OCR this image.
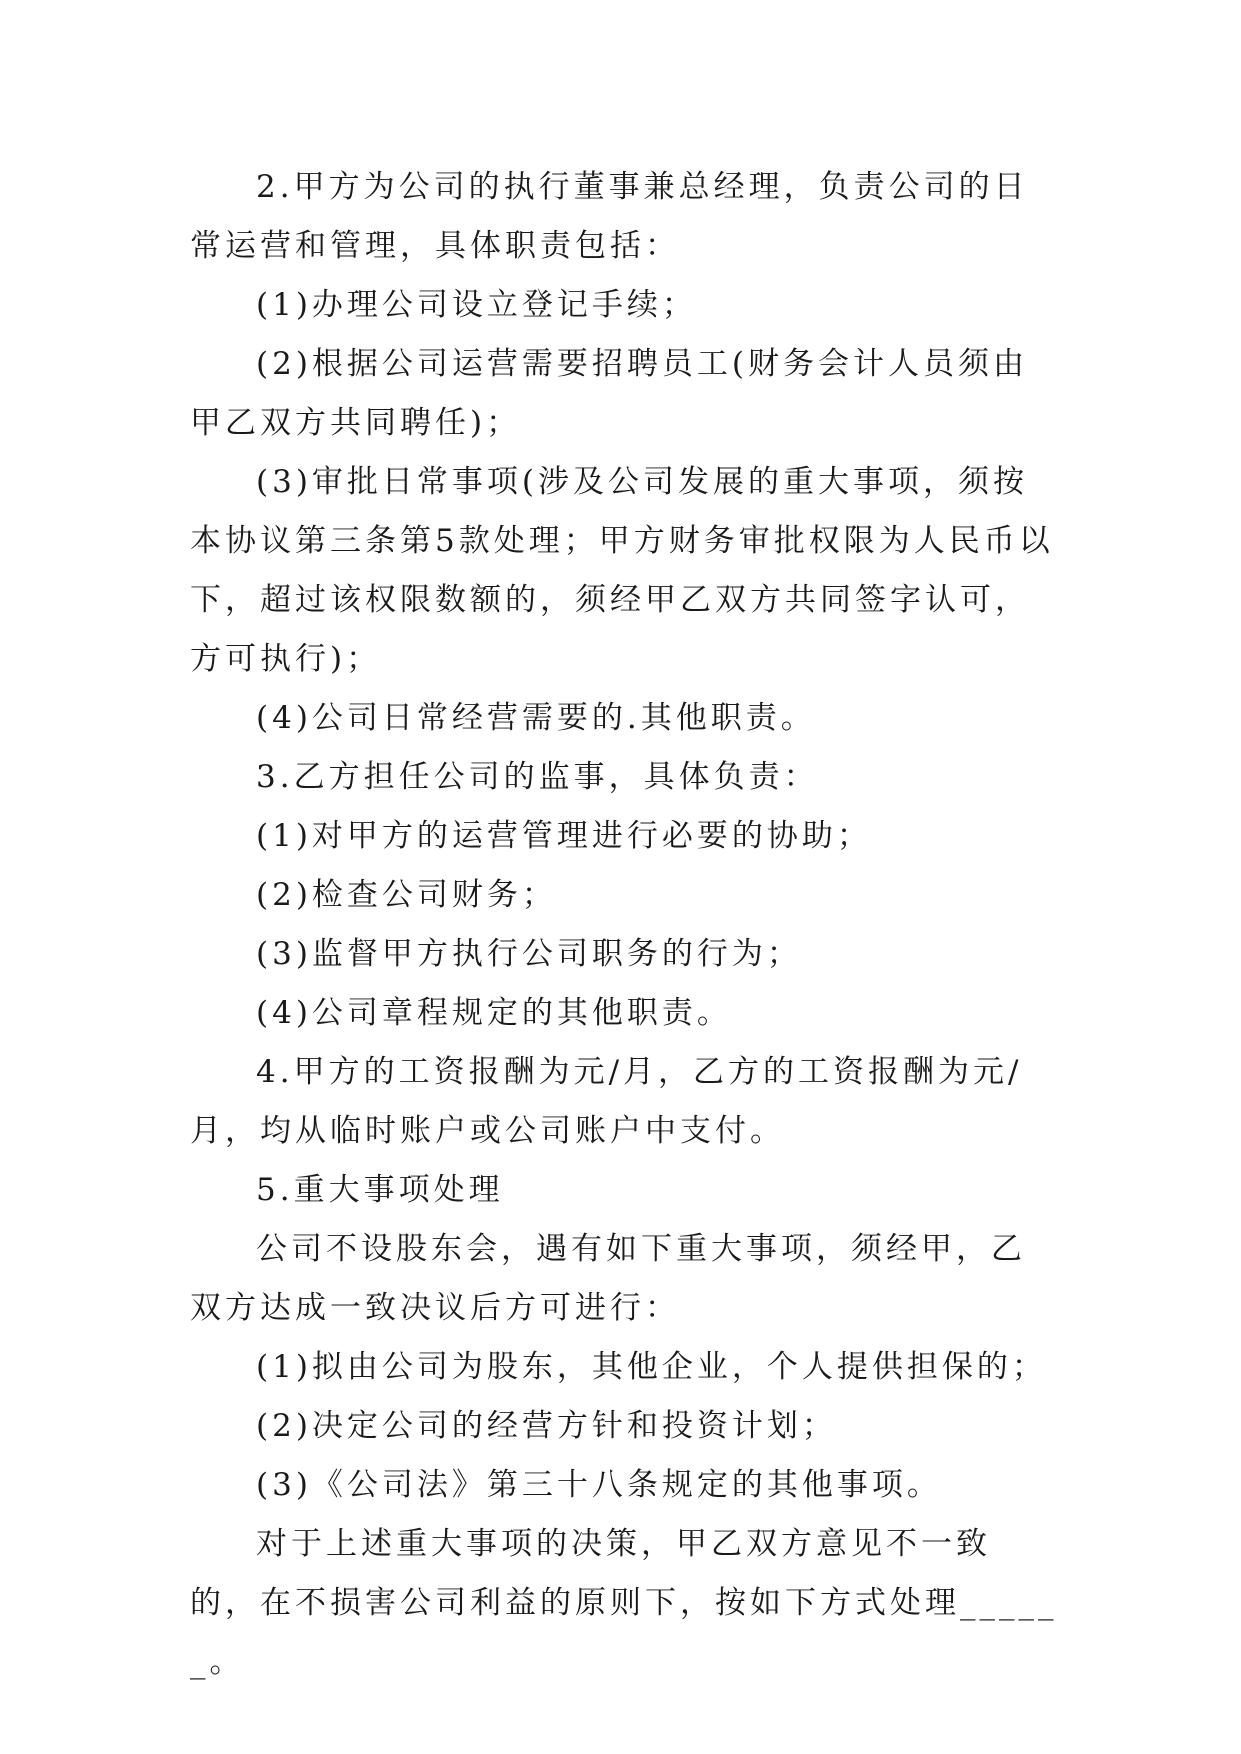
2.甲方为公司的执行董事兼总经理，负责公司的日常运营和管理，具体职责包括：

(1)办理公司设立登记手续；

(2)根据公司运营需要招聘员工(财务会计人员须由甲乙双方共同聘任)；

(3)审批日常事项(涉及公司发展的重大事项，须按本协议第三条第5款处理；甲方财务审批权限为人民币以下，超过该权限数额的，须经甲乙双方共同签字认可，方可执行)；

(4)公司日常经营需要的.其他职责。

3.乙方担任公司的监事，具体负责：

(1)对甲方的运营管理进行必要的协助；

(2)检查公司财务；

(3)监督甲方执行公司职务的行为；

(4)公司章程规定的其他职责。

4.甲方的工资报酬为元/月，乙方的工资报酬为元/月，均从临时账户或公司账户中支付。

5.重大事项处理

公司不设股东会，遇有如下重大事项，须经甲，乙双方达成一致决议后方可进行：

(1)拟由公司为股东，其他企业，个人提供担保的；

(2)决定公司的经营方针和投资计划；

(3)《公司法》第三十八条规定的其他事项。

对于上述重大事项的决策，甲乙双方意见不一致的，在不损害公司利益的原则下，按如下方式处理______。
